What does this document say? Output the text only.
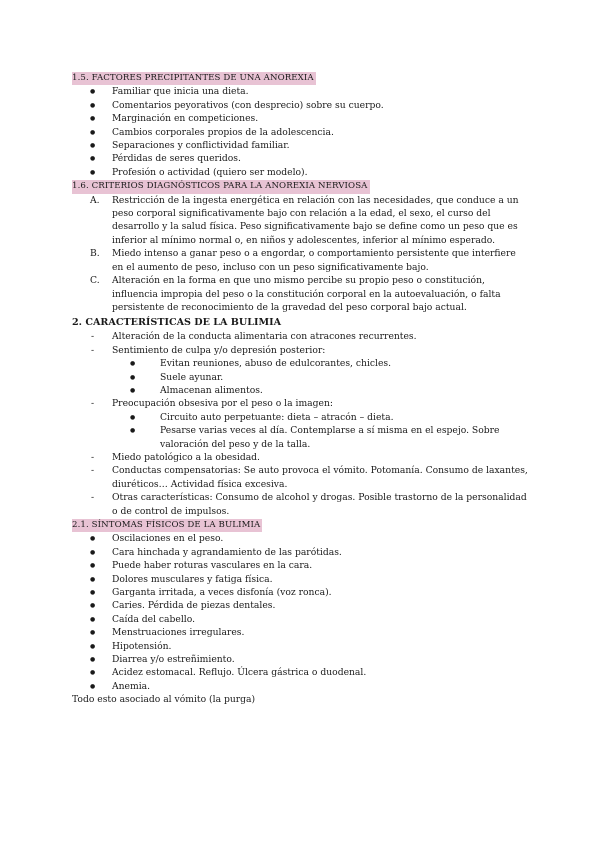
1.5. FACTORES PRECIPITANTES DE UNA ANOREXIA
● Familiar que inicia una dieta.
● Comentarios peyorativos (con desprecio) sobre su cuerpo.
● Marginación en competiciones.
● Cambios corporales propios de la adolescencia.
● Separaciones y conflictividad familiar.
● Pérdidas de seres queridos.
● Profesión o actividad (quiero ser modelo).
1.6. CRITERIOS DIAGNÓSTICOS PARA LA ANOREXIA NERVIOSA
A. Restricción de la ingesta energética en relación con las necesidades, que conduce a un peso corporal significativamente bajo con relación a la edad, el sexo, el curso del desarrollo y la salud física. Peso significativamente bajo se define como un peso que es inferior al mínimo normal o, en niños y adolescentes, inferior al mínimo esperado.
B. Miedo intenso a ganar peso o a engordar, o comportamiento persistente que interfiere en el aumento de peso, incluso con un peso significativamente bajo.
C. Alteración en la forma en que uno mismo percibe su propio peso o constitución, influencia impropia del peso o la constitución corporal en la autoevaluación, o falta persistente de reconocimiento de la gravedad del peso corporal bajo actual.
2. CARACTERÍSTICAS DE LA BULIMIA
- Alteración de la conducta alimentaria con atracones recurrentes.
- Sentimiento de culpa y/o depresión posterior:
● Evitan reuniones, abuso de edulcorantes, chicles.
● Suele ayunar.
● Almacenan alimentos.
- Preocupación obsesiva por el peso o la imagen:
● Circuito auto perpetuante: dieta – atracón – dieta.
● Pesarse varias veces al día. Contemplarse a sí misma en el espejo. Sobre valoración del peso y de la talla.
- Miedo patológico a la obesidad.
- Conductas compensatorias: Se auto provoca el vómito. Potomanía. Consumo de laxantes, diuréticos… Actividad física excesiva.
- Otras características: Consumo de alcohol y drogas. Posible trastorno de la personalidad o de control de impulsos.
2.1. SÍNTOMAS FÍSICOS DE LA BULIMIA
● Oscilaciones en el peso.
● Cara hinchada y agrandamiento de las parótidas.
● Puede haber roturas vasculares en la cara.
● Dolores musculares y fatiga física.
● Garganta irritada, a veces disfonía (voz ronca).
● Caries. Pérdida de piezas dentales.
● Caída del cabello.
● Menstruaciones irregulares.
● Hipotensión.
● Diarrea y/o estreñimiento.
● Acidez estomacal. Reflujo. Úlcera gástrica o duodenal.
● Anemia.
Todo esto asociado al vómito (la purga)
